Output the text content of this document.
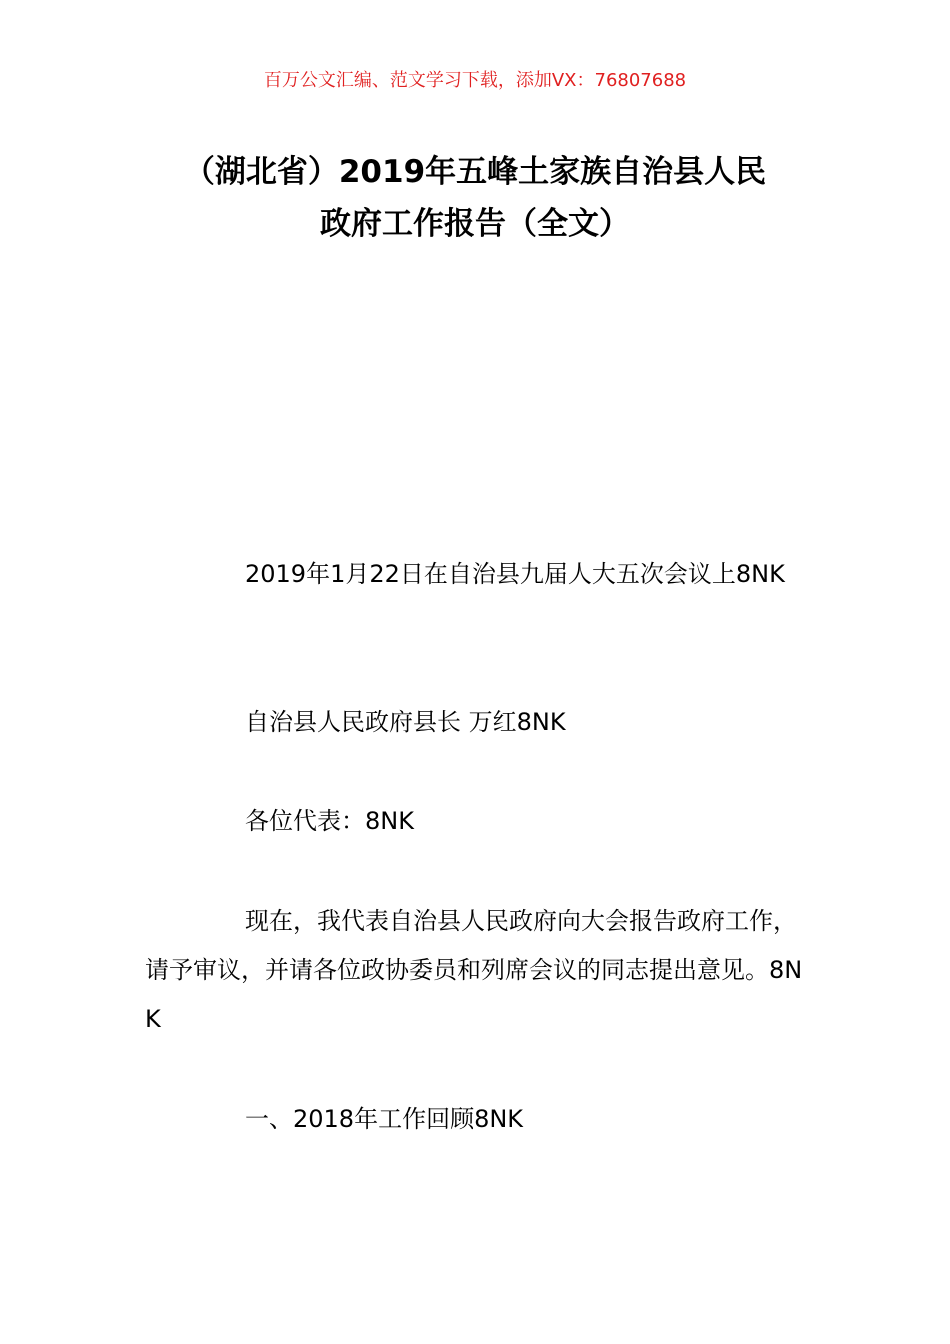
百万公文汇编、范文学习下载，添加VX：76807688
（湖北省）2019年五峰土家族自治县人民
政府工作报告（全文）
2019年1月22日在自治县九届人大五次会议上8NK
自治县人民政府县长 万红8NK
各位代表：8NK
现在，我代表自治县人民政府向大会报告政府工作，请予审议，并请各位政协委员和列席会议的同志提出意见。8NK
一、2018年工作回顾8NK
